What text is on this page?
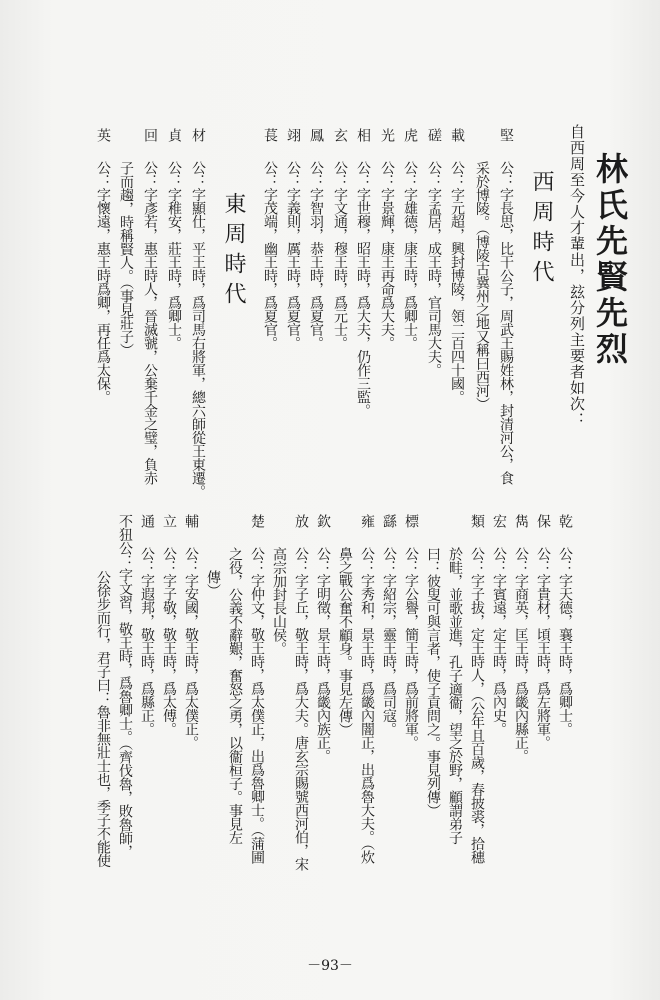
林氏先賢先烈
自西周至今人才輩出，玆分列主要者如次：
西周時代
堅公：字長思，比干公子，周武王賜姓林，封清河公，食
采於博陵。（博陵古冀州之地又稱曰西河）
載公：字元超，興封博陵，領二百四十國。
磋公：字孟居，成王時，官司馬大夫。
虎公：字雄德，康王時，爲卿士。
光公：字景輝，康王再命爲大夫。
相公：字世穆，昭王時，爲大夫，仍作三監。
玄公：字文通，穆王時，爲元士。
鳳公：字智羽，恭王時，爲夏官。
翊公：字義則，厲王時，爲夏官。
萇公：字茂端，幽王時，爲夏官。
東周時代
材公：字顯仕，平王時，爲司馬右將軍，總六師從王東遷。
貞公：字稚安，莊王時，爲卿士。
回公：字彥若，惠王時人，晉滅虢，公棄千金之璧，負赤
子而趨，時稱賢人。（事見莊子）
英公：字懷遠，惠王時爲卿，再任爲太保。
乾公：字天德，襄王時，爲卿士。
保公：字貴材，頃王時，爲左將軍。
雋公：字商英，匡王時，爲畿內縣正。
宏公：字賓遠，定王時，爲內史。
類公：字子拔，定王時人，（公年且百歲，春披裘，拾穗
於畦，並歌並進，孔子適衞，望之於野，顧謂弟子
曰：彼叟可與言者，使子貢問之。事見列傳）
標公：字公譽，簡王時，爲前將軍。
繇公：字紹宗，靈王時，爲司寇。
雍公：字秀和，景王時，爲畿內闇正，出爲魯大夫。（炊
鼻之戰公奮不顧身。事見左傳）
欽公：字明徵，景王時，爲畿內族正。
放公：字子丘，敬王時，爲大夫。唐玄宗賜號西河伯，宋
高宗加封長山侯。
楚公：字仲文，敬王時，爲太僕正，出爲魯卿士。（蒲圃
之役，公義不辭艱，奮怒之勇，以衞桓子。事見左
傳）
輔公：字安國，敬王時，爲太僕正。
立公：字子敬，敬王時，爲太傅。
通公：字遐邦，敬王時，爲縣正。
不狃公：字文習，敬王時，爲魯卿士。（齊伐魯，敗魯師，
公徐步而行，君子曰：魯非無壯士也，季子不能使
－93－
